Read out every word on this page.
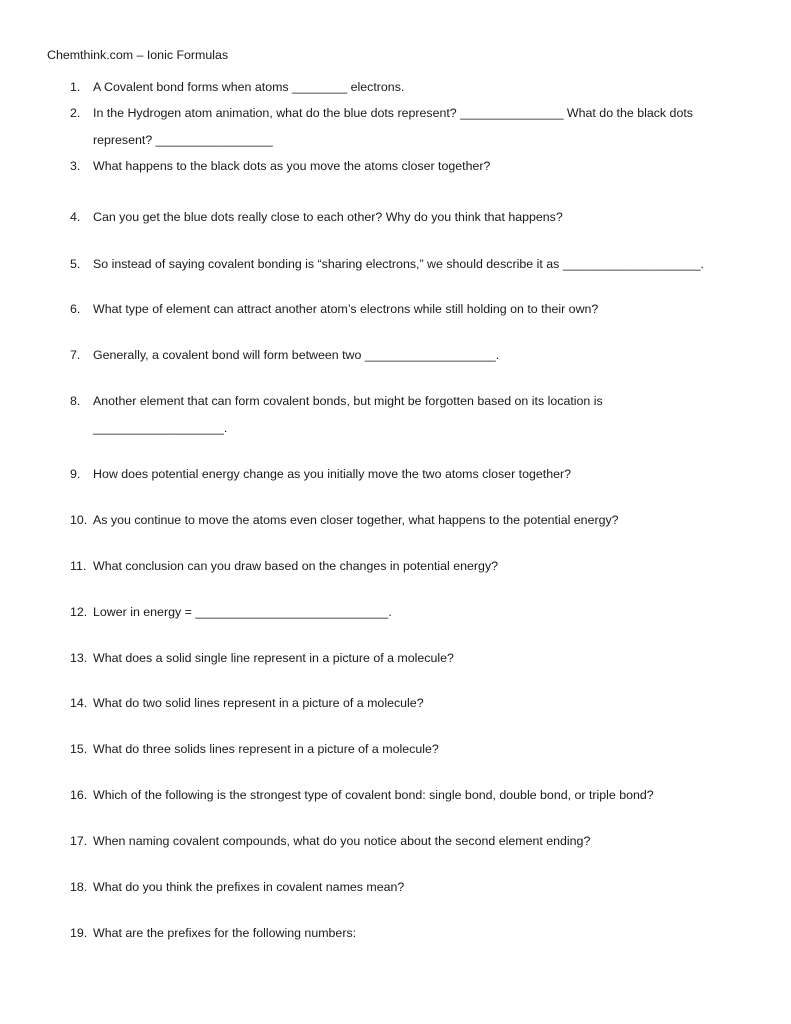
Chemthink.com – Ionic Formulas
1.	A Covalent bond forms when atoms ________ electrons.
2.	In the Hydrogen atom animation, what do the blue dots represent? _______________ What do the black dots
represent? _________________
3.	What happens to the black dots as you move the atoms closer together?
4.	Can you get the blue dots really close to each other? Why do you think that happens?
5.	So instead of saying covalent bonding is “sharing electrons,” we should describe it as ____________________.
6.	What type of element can attract another atom’s electrons while still holding on to their own?
7.	Generally, a covalent bond will form between two ___________________.
8.	Another element that can form covalent bonds, but might be forgotten based on its location is
___________________.
9.	How does potential energy change as you initially move the two atoms closer together?
10. As you continue to move the atoms even closer together, what happens to the potential energy?
11. What conclusion can you draw based on the changes in potential energy?
12. Lower in energy = ____________________________.
13. What does a solid single line represent in a picture of a molecule?
14. What do two solid lines represent in a picture of a molecule?
15. What do three solids lines represent in a picture of a molecule?
16. Which of the following is the strongest type of covalent bond: single bond, double bond, or triple bond?
17. When naming covalent compounds, what do you notice about the second element ending?
18. What do you think the prefixes in covalent names mean?
19. What are the prefixes for the following numbers:
